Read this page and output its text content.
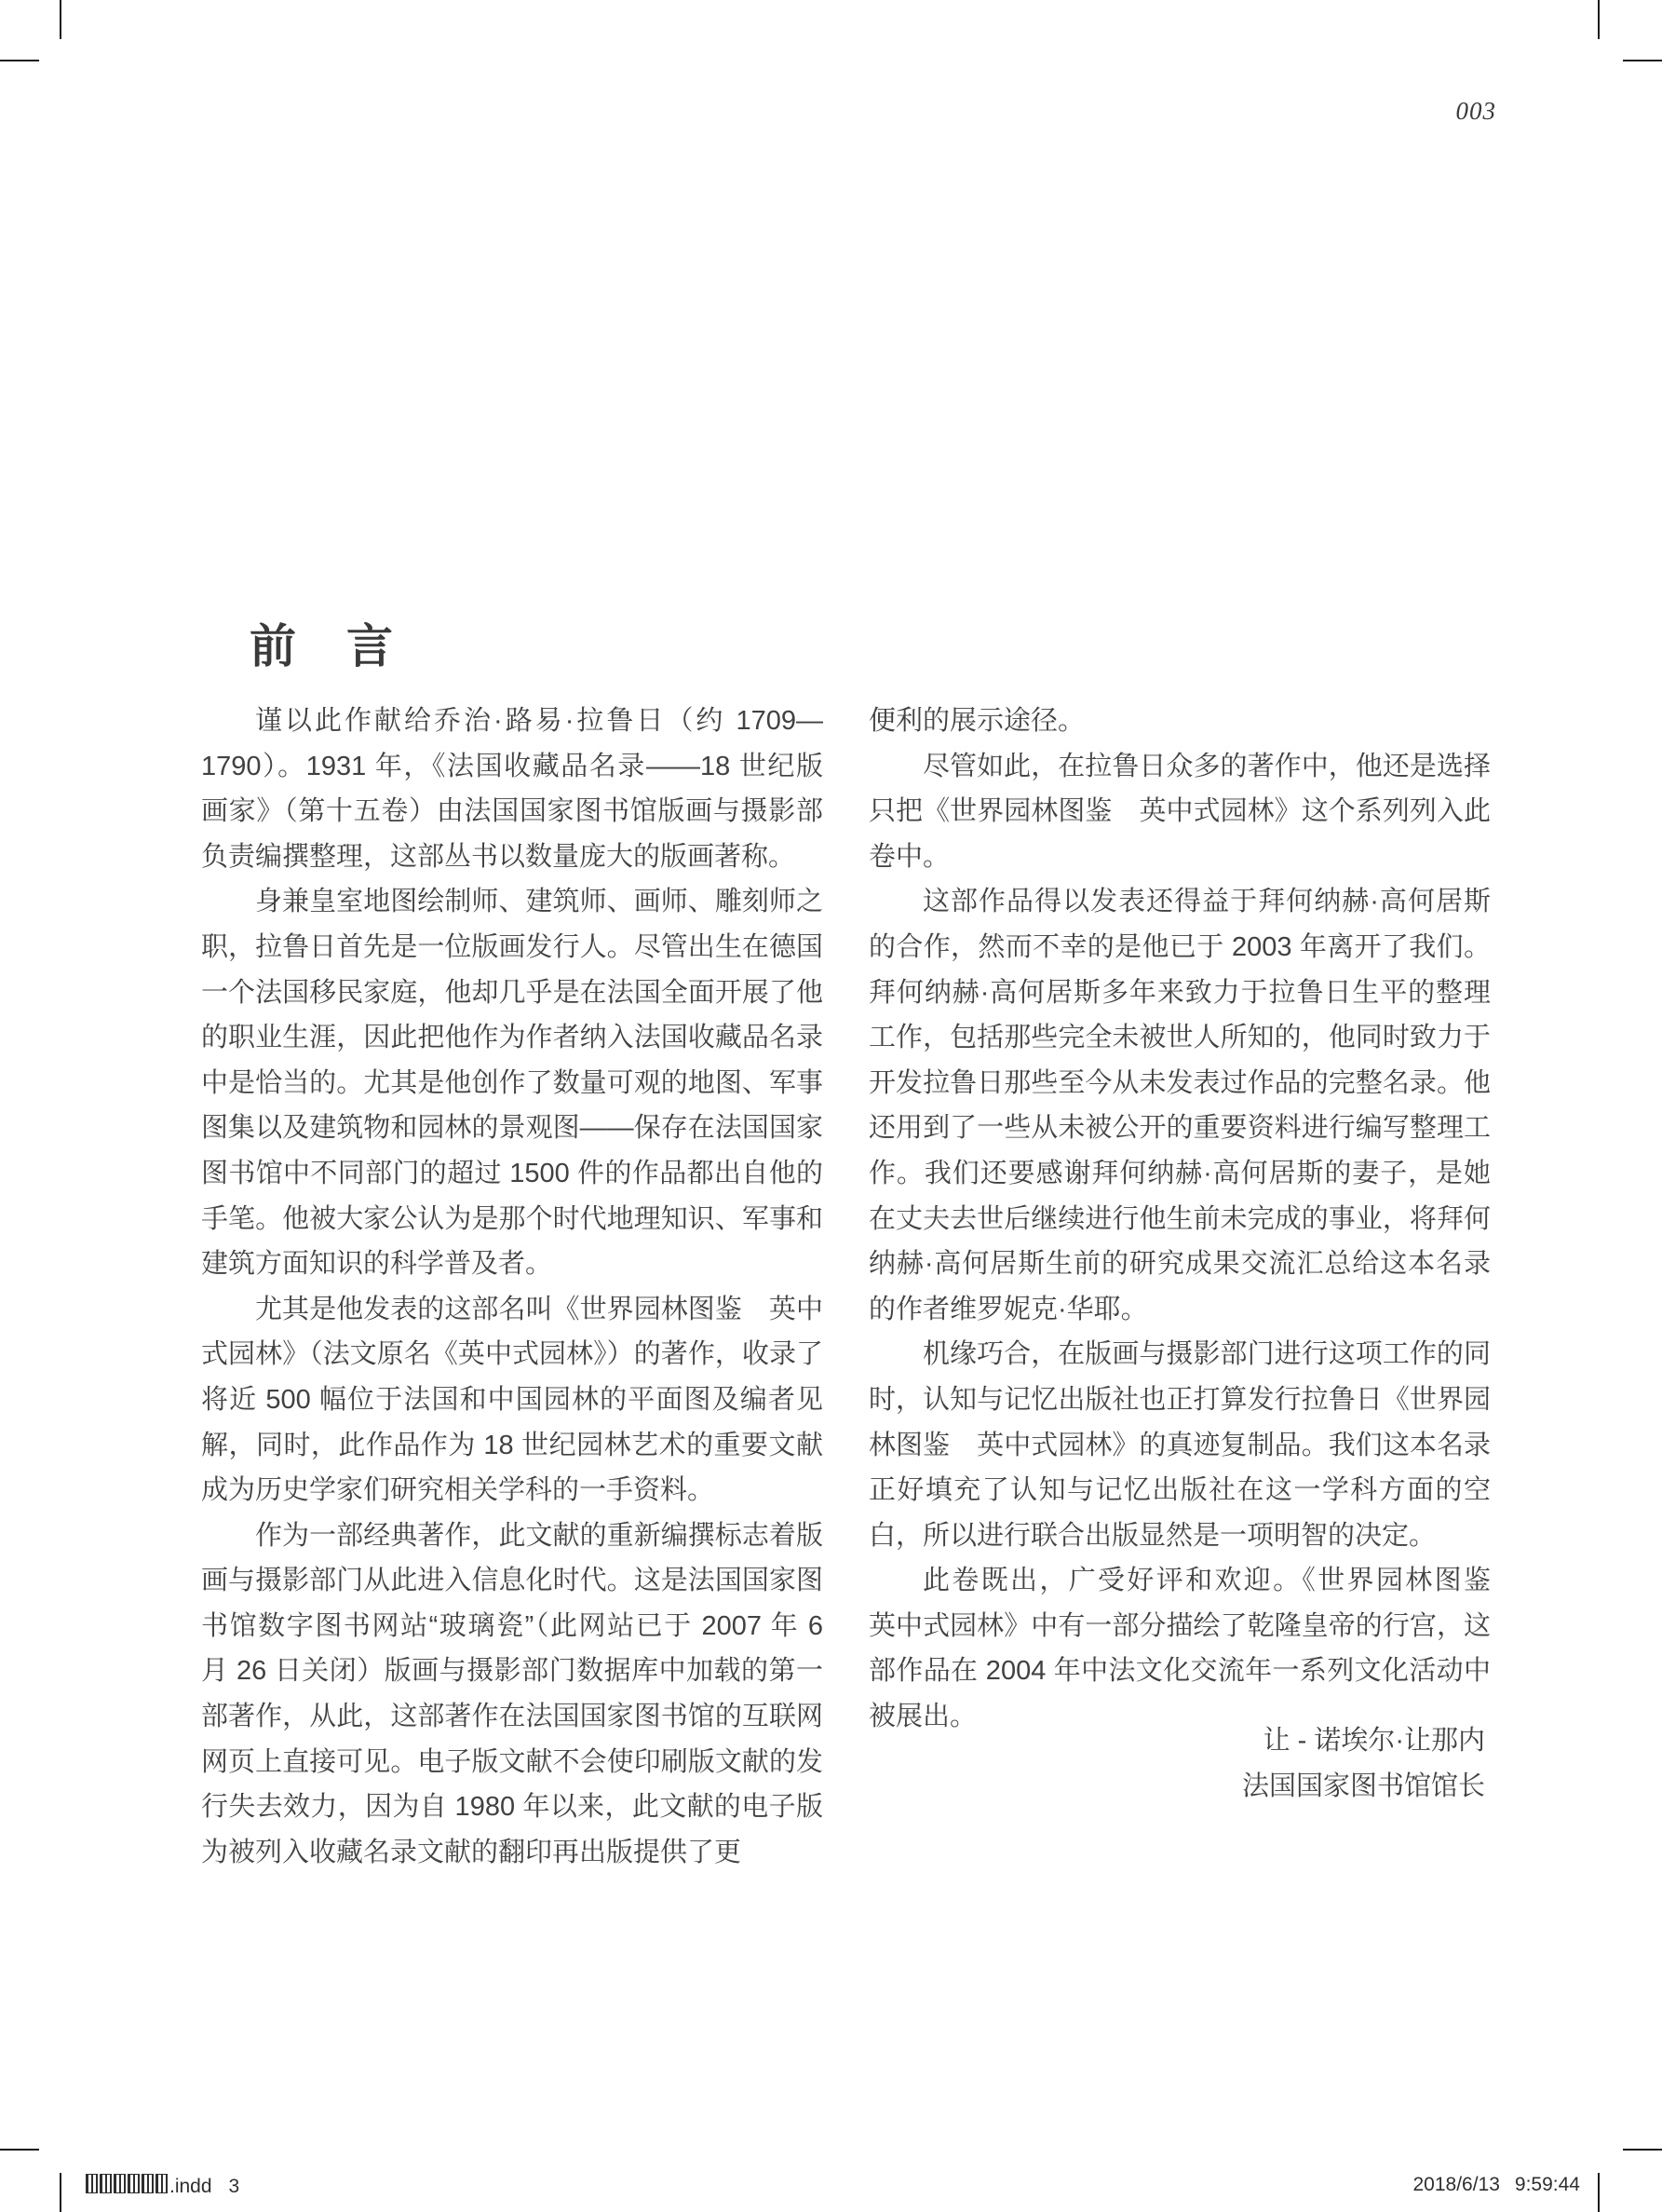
003
前　言

谨以此作献给乔治·路易·拉鲁日（约 1709—1790）。1931 年，《法国收藏品名录——18 世纪版画家》（第十五卷）由法国国家图书馆版画与摄影部负责编撰整理，这部丛书以数量庞大的版画著称。

身兼皇室地图绘制师、建筑师、画师、雕刻师之职，拉鲁日首先是一位版画发行人。尽管出生在德国一个法国移民家庭，他却几乎是在法国全面开展了他的职业生涯，因此把他作为作者纳入法国收藏品名录中是恰当的。尤其是他创作了数量可观的地图、军事图集以及建筑物和园林的景观图——保存在法国国家图书馆中不同部门的超过 1500 件的作品都出自他的手笔。他被大家公认为是那个时代地理知识、军事和建筑方面知识的科学普及者。

尤其是他发表的这部名叫《世界园林图鉴　英中式园林》（法文原名《英中式园林》）的著作，收录了将近 500 幅位于法国和中国园林的平面图及编者见解，同时，此作品作为 18 世纪园林艺术的重要文献成为历史学家们研究相关学科的一手资料。

作为一部经典著作，此文献的重新编撰标志着版画与摄影部门从此进入信息化时代。这是法国国家图书馆数字图书网站“玻璃瓷”（此网站已于 2007 年 6 月 26 日关闭）版画与摄影部门数据库中加载的第一部著作，从此，这部著作在法国国家图书馆的互联网网页上直接可见。电子版文献不会使印刷版文献的发行失去效力，因为自 1980 年以来，此文献的电子版为被列入收藏名录文献的翻印再出版提供了更

便利的展示途径。

尽管如此，在拉鲁日众多的著作中，他还是选择只把《世界园林图鉴　英中式园林》这个系列列入此卷中。

这部作品得以发表还得益于拜何纳赫·高何居斯的合作，然而不幸的是他已于 2003 年离开了我们。拜何纳赫·高何居斯多年来致力于拉鲁日生平的整理工作，包括那些完全未被世人所知的，他同时致力于开发拉鲁日那些至今从未发表过作品的完整名录。他还用到了一些从未被公开的重要资料进行编写整理工作。我们还要感谢拜何纳赫·高何居斯的妻子，是她在丈夫去世后继续进行他生前未完成的事业，将拜何纳赫·高何居斯生前的研究成果交流汇总给这本名录的作者维罗妮克·华耶。

机缘巧合，在版画与摄影部门进行这项工作的同时，认知与记忆出版社也正打算发行拉鲁日《世界园林图鉴　英中式园林》的真迹复制品。我们这本名录正好填充了认知与记忆出版社在这一学科方面的空白，所以进行联合出版显然是一项明智的决定。

此卷既出，广受好评和欢迎。《世界园林图鉴　英中式园林》中有一部分描绘了乾隆皇帝的行宫，这部作品在 2004 年中法文化交流年一系列文化活动中被展出。

让 - 诺埃尔·让那内
法国国家图书馆馆长
.indd 3	2018/6/13 9:59:44
